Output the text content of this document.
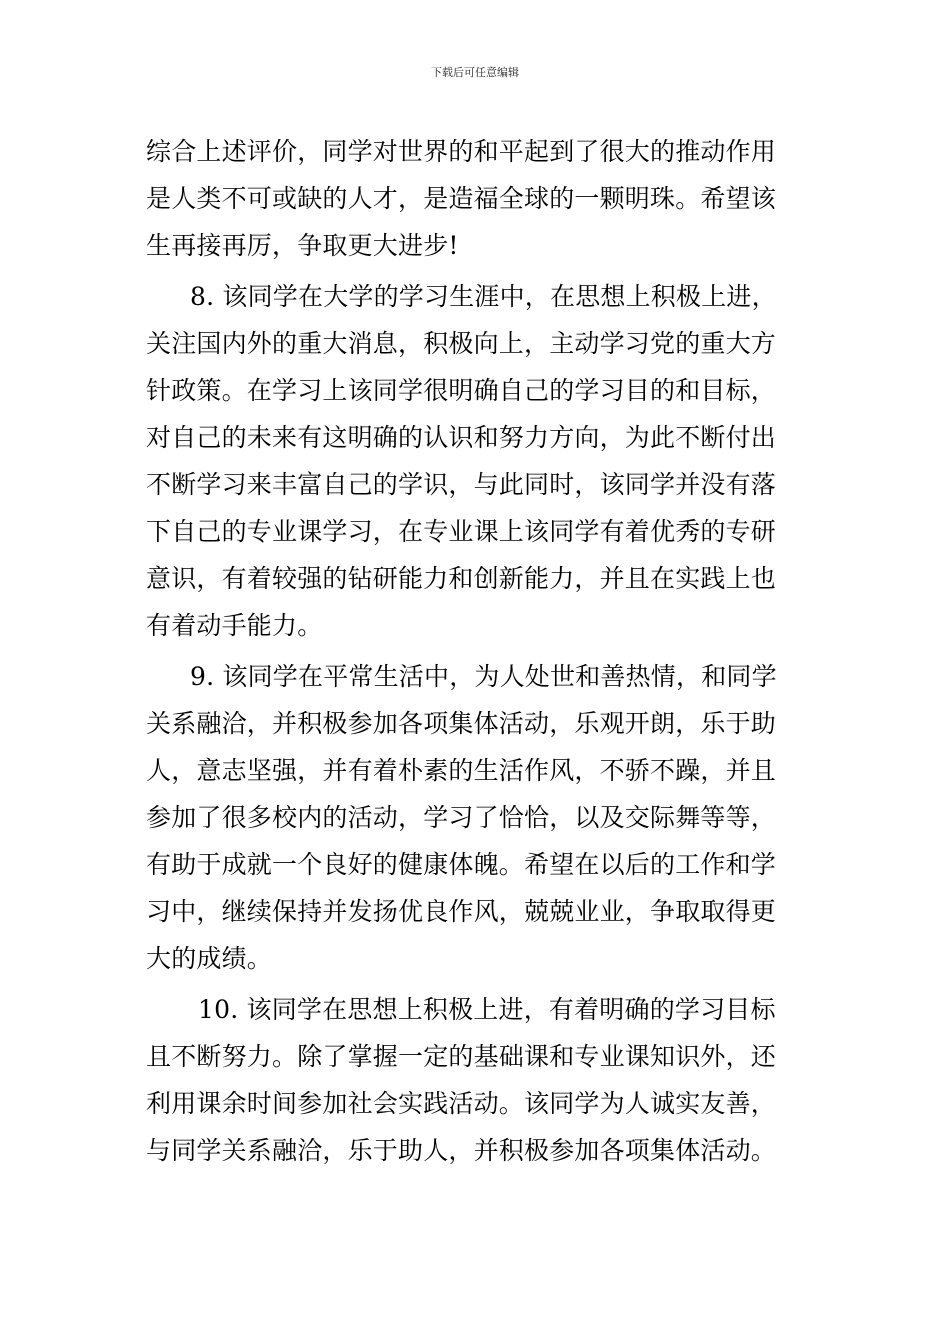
下载后可任意编辑
综合上述评价，同学对世界的和平起到了很大的推动作用
是人类不可或缺的人才，是造福全球的一颗明珠。希望该
生再接再厉，争取更大进步!
8. 该同学在大学的学习生涯中，在思想上积极上进，
关注国内外的重大消息，积极向上，主动学习党的重大方
针政策。在学习上该同学很明确自己的学习目的和目标，
对自己的未来有这明确的认识和努力方向，为此不断付出
不断学习来丰富自己的学识，与此同时，该同学并没有落
下自己的专业课学习，在专业课上该同学有着优秀的专研
意识，有着较强的钻研能力和创新能力，并且在实践上也
有着动手能力。
9. 该同学在平常生活中，为人处世和善热情，和同学
关系融洽，并积极参加各项集体活动，乐观开朗，乐于助
人，意志坚强，并有着朴素的生活作风，不骄不躁，并且
参加了很多校内的活动，学习了恰恰，以及交际舞等等，
有助于成就一个良好的健康体魄。希望在以后的工作和学
习中，继续保持并发扬优良作风，兢兢业业，争取取得更
大的成绩。
10. 该同学在思想上积极上进，有着明确的学习目标
且不断努力。除了掌握一定的基础课和专业课知识外，还
利用课余时间参加社会实践活动。该同学为人诚实友善，
与同学关系融洽，乐于助人，并积极参加各项集体活动。
